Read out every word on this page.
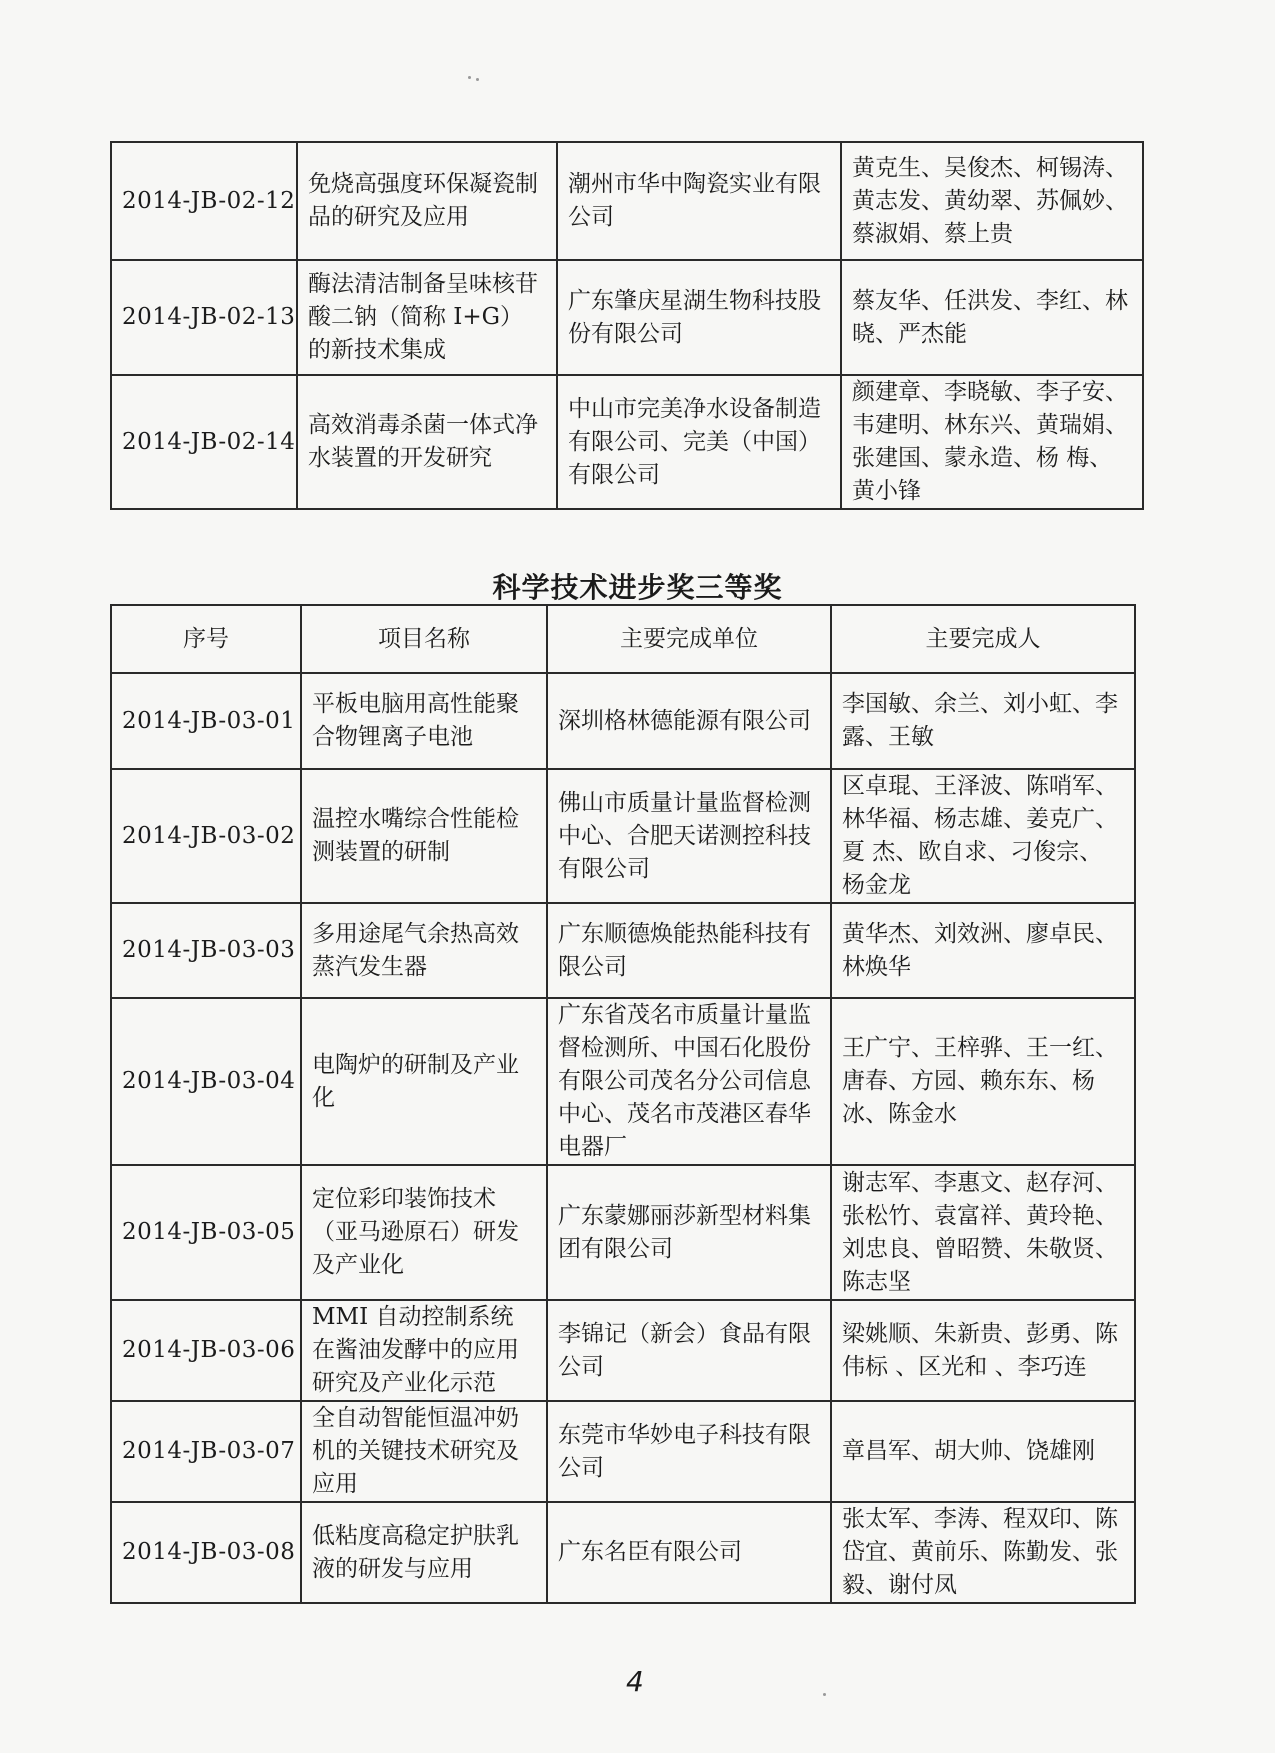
2014-JB-02-12	免烧高强度环保凝瓷制品的研究及应用	潮州市华中陶瓷实业有限公司	黄克生、吴俊杰、柯锡涛、黄志发、黄幼翠、苏佩妙、蔡淑娟、蔡上贵
2014-JB-02-13	酶法清洁制备呈味核苷酸二钠（简称 I+G）的新技术集成	广东肇庆星湖生物科技股份有限公司	蔡友华、任洪发、李红、林晓、严杰能
2014-JB-02-14	高效消毒杀菌一体式净水装置的开发研究	中山市完美净水设备制造有限公司、完美（中国）有限公司	颜建章、李晓敏、李子安、韦建明、林东兴、黄瑞娟、张建国、蒙永造、杨 梅、黄小锋
科学技术进步奖三等奖
序号	项目名称	主要完成单位	主要完成人
2014-JB-03-01	平板电脑用高性能聚合物锂离子电池	深圳格林德能源有限公司	李国敏、余兰、刘小虹、李露、王敏
2014-JB-03-02	温控水嘴综合性能检测装置的研制	佛山市质量计量监督检测中心、合肥天诺测控科技有限公司	区卓琨、王泽波、陈哨军、林华福、杨志雄、姜克广、夏 杰、欧自求、刁俊宗、杨金龙
2014-JB-03-03	多用途尾气余热高效蒸汽发生器	广东顺德焕能热能科技有限公司	黄华杰、刘效洲、廖卓民、林焕华
2014-JB-03-04	电陶炉的研制及产业化	广东省茂名市质量计量监督检测所、中国石化股份有限公司茂名分公司信息中心、茂名市茂港区春华电器厂	王广宁、王梓骅、王一红、唐春、方园、赖东东、杨冰、陈金水
2014-JB-03-05	定位彩印装饰技术（亚马逊原石）研发及产业化	广东蒙娜丽莎新型材料集团有限公司	谢志军、李惠文、赵存河、张松竹、袁富祥、黄玲艳、刘忠良、曾昭赞、朱敬贤、陈志坚
2014-JB-03-06	MMI 自动控制系统在酱油发酵中的应用研究及产业化示范	李锦记（新会）食品有限公司	梁姚顺、朱新贵、彭勇、陈伟标 、区光和 、李巧连
2014-JB-03-07	全自动智能恒温冲奶机的关键技术研究及应用	东莞市华妙电子科技有限公司	章昌军、胡大帅、饶雄刚
2014-JB-03-08	低粘度高稳定护肤乳液的研发与应用	广东名臣有限公司	张太军、李涛、程双印、陈岱宜、黄前乐、陈勤发、张毅、谢付凤
4
